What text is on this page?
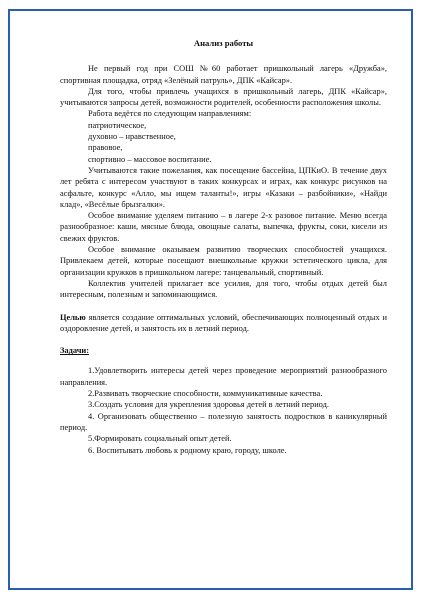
Анализ работы

Не первый год при СОШ №60 работает пришкольный лагерь «Дружба», спортивная площадка, отряд «Зелёный патруль», ДПК «Кайсар».

Для того, чтобы привлечь учащихся в пришкольный лагерь, ДПК «Кайсар», учитываются запросы детей, возможности родителей, особенности расположения школы.

Работа ведётся по следующим направлениям:

патриотическое,

духовно – нравственное,

правовое,

спортивно – массовое воспитание.

Учитываются такие пожелания, как посещение бассейна, ЦПКиО. В течение двух лет ребята с интересом участвуют в таких конкурсах и играх, как конкурс рисунков на асфальте, конкурс «Алло, мы ищем таланты!», игры «Казаки – разбойники», «Найди клад», «Весёлые брызгалки».

Особое внимание уделяем питанию – в лагере 2-х разовое питание. Меню всегда разнообразное: каши, мясные блюда, овощные салаты, выпечка, фрукты, соки, кисели из свежих фруктов.

Особое внимание оказываем развитию творческих способностей учащихся. Привлекаем детей, которые посещают внешкольные кружки эстетического цикла, для организации кружков в пришкольном лагере: танцевальный, спортивный.

Коллектив учителей прилагает все усилия, для того, чтобы отдых детей был интересным, полезным и запоминающимся.

Целью является создание оптимальных условий, обеспечивающих полноценный отдых и оздоровление детей, и занятость их в летний период.

Задачи:

1.Удовлетворить интересы детей через проведение мероприятий разнообразного направления.

2.Развивать творческие способности, коммуникативные качества.

3.Создать условия для укрепления здоровья детей в летний период.

4. Организовать общественно – полезную занятость подростков в каникулярный период.

5.Формировать социальный опыт детей.

6. Воспитывать любовь к родному краю, городу, школе.
